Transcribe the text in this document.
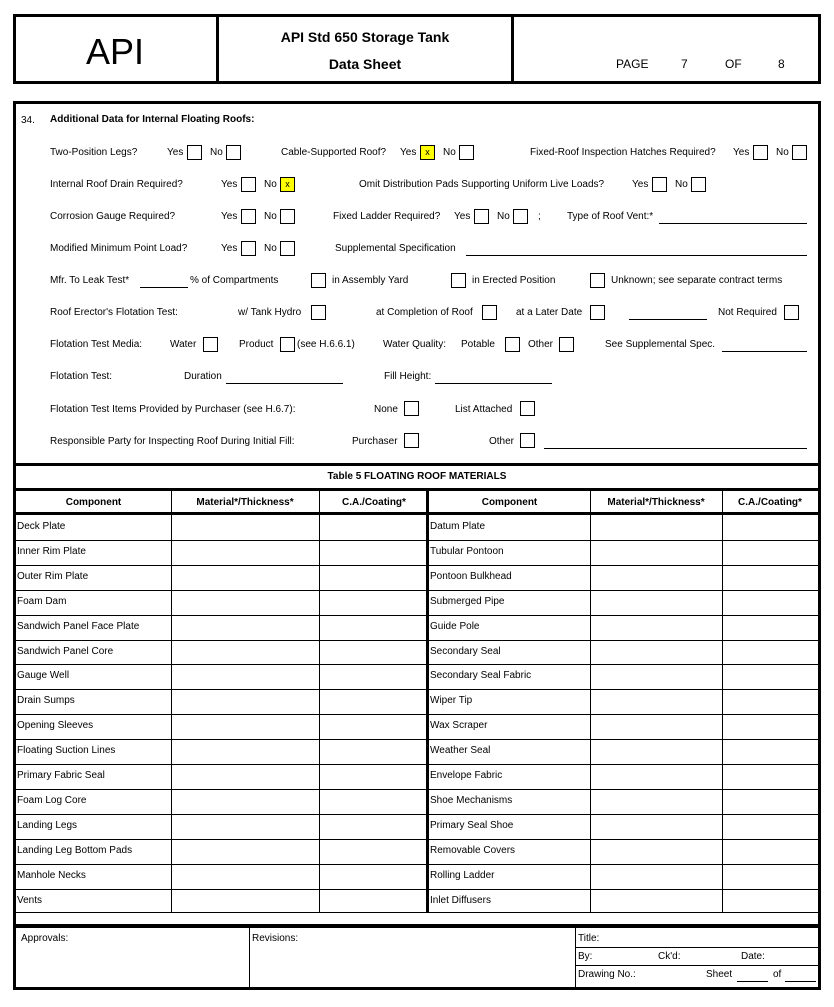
API	API Std 650 Storage Tank
Data Sheet	PAGE	7	OF	8
34. Additional Data for Internal Floating Roofs:
Two-Position Legs?	Yes	No	Cable-Supported Roof? Yes x	No	Fixed-Roof Inspection Hatches Required? Yes	No
Internal Roof Drain Required?	Yes	No x	Omit Distribution Pads Supporting Uniform Live Loads?	Yes	No
Corrosion Gauge Required?	Yes	No	Fixed Ladder Required? Yes	No	;	Type of Roof Vent:*
Modified Minimum Point Load?	Yes	No	Supplemental Specification
Mfr. To Leak Test*	% of Compartments	in Assembly Yard	in Erected Position	Unknown; see separate contract terms
Roof Erector's Flotation Test:	w/ Tank Hydro	at Completion of Roof	at a Later Date	Not Required
Flotation Test Media:	Water	Product (see H.6.6.1)	Water Quality: Potable	Other	See Supplemental Spec.
Flotation Test:	Duration	Fill Height:
Flotation Test Items Provided by Purchaser (see H.6.7):	None	List Attached
Responsible Party for Inspecting Roof During Initial Fill:	Purchaser	Other
Table 5 FLOATING ROOF MATERIALS
Component	Material*/Thickness*	C.A./Coating*	Component	Material*/Thickness*	C.A./Coating*
Deck Plate	Datum Plate
Inner Rim Plate	Tubular Pontoon
Outer Rim Plate	Pontoon Bulkhead
Foam Dam	Submerged Pipe
Sandwich Panel Face Plate	Guide Pole
Sandwich Panel Core	Secondary Seal
Gauge Well	Secondary Seal Fabric
Drain Sumps	Wiper Tip
Opening Sleeves	Wax Scraper
Floating Suction Lines	Weather Seal
Primary Fabric Seal	Envelope Fabric
Foam Log Core	Shoe Mechanisms
Landing Legs	Primary Seal Shoe
Landing Leg Bottom Pads	Removable Covers
Manhole Necks	Rolling Ladder
Vents	Inlet Diffusers
Approvals:	Revisions:	Title:
By:	Ck'd:	Date:
Drawing No.:	Sheet	of
